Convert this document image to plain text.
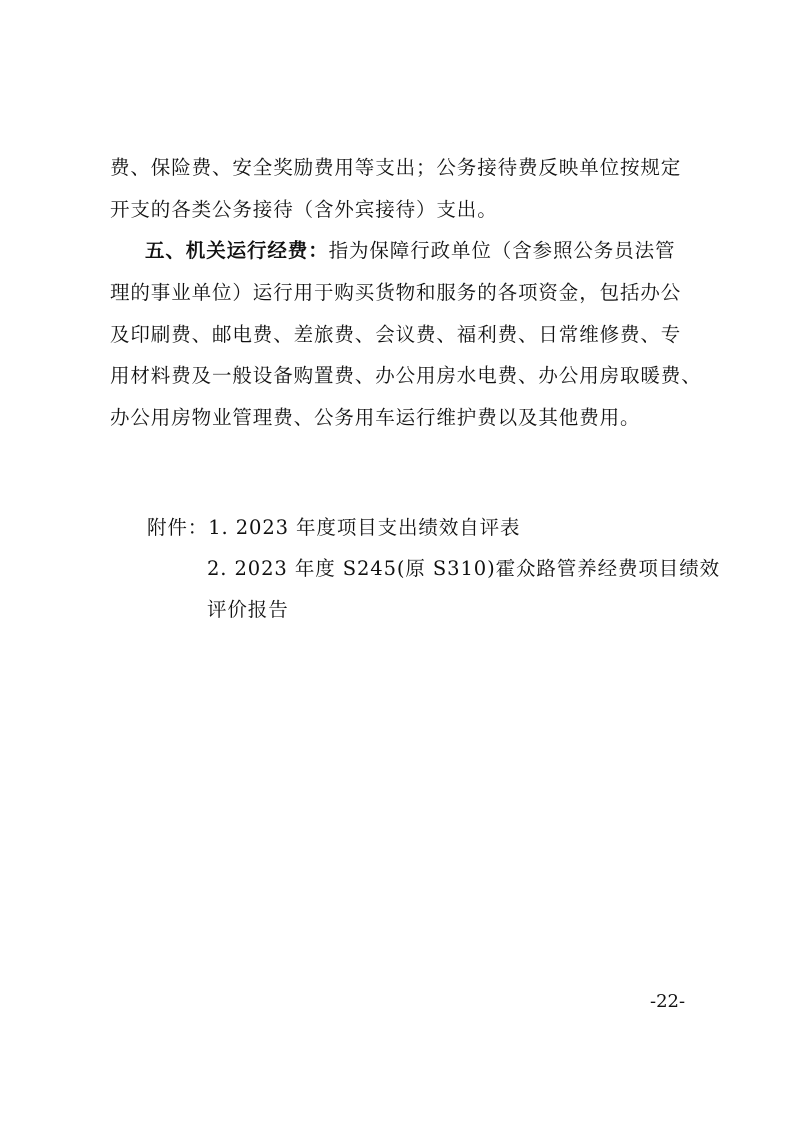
费、保险费、安全奖励费用等支出；公务接待费反映单位按规定
开支的各类公务接待（含外宾接待）支出。
五、机关运行经费：指为保障行政单位（含参照公务员法管
理的事业单位）运行用于购买货物和服务的各项资金，包括办公
及印刷费、邮电费、差旅费、会议费、福利费、日常维修费、专
用材料费及一般设备购置费、办公用房水电费、办公用房取暖费、
办公用房物业管理费、公务用车运行维护费以及其他费用。
附件：1. 2023 年度项目支出绩效自评表
2. 2023 年度 S245(原 S310)霍众路管养经费项目绩效
评价报告
-22-
